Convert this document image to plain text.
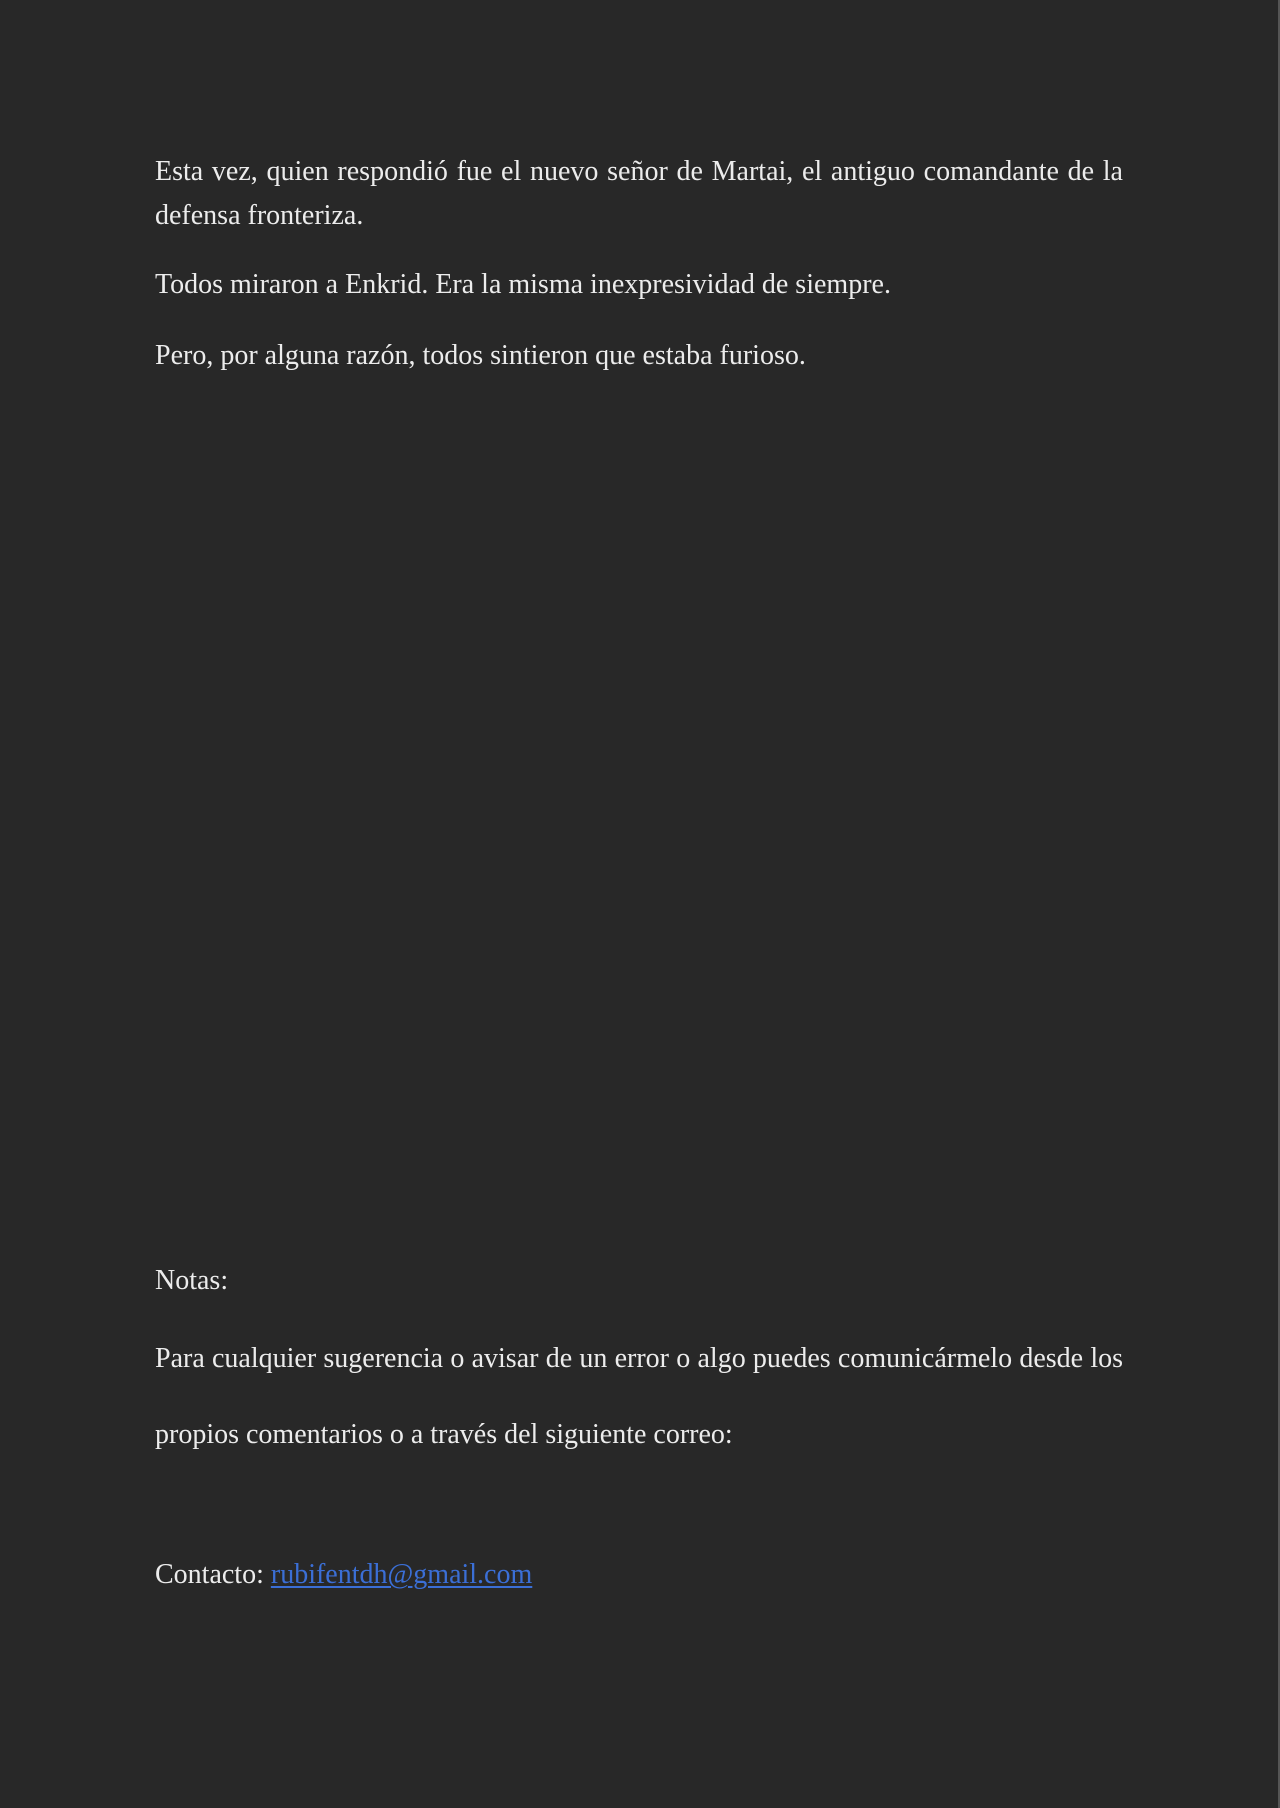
Esta vez, quien respondió fue el nuevo señor de Martai, el antiguo comandante de la defensa fronteriza.

Todos miraron a Enkrid. Era la misma inexpresividad de siempre.

Pero, por alguna razón, todos sintieron que estaba furioso.

Notas:

Para cualquier sugerencia o avisar de un error o algo puedes comunicármelo desde los

propios comentarios o a través del siguiente correo:

Contacto: rubifentdh@gmail.com
